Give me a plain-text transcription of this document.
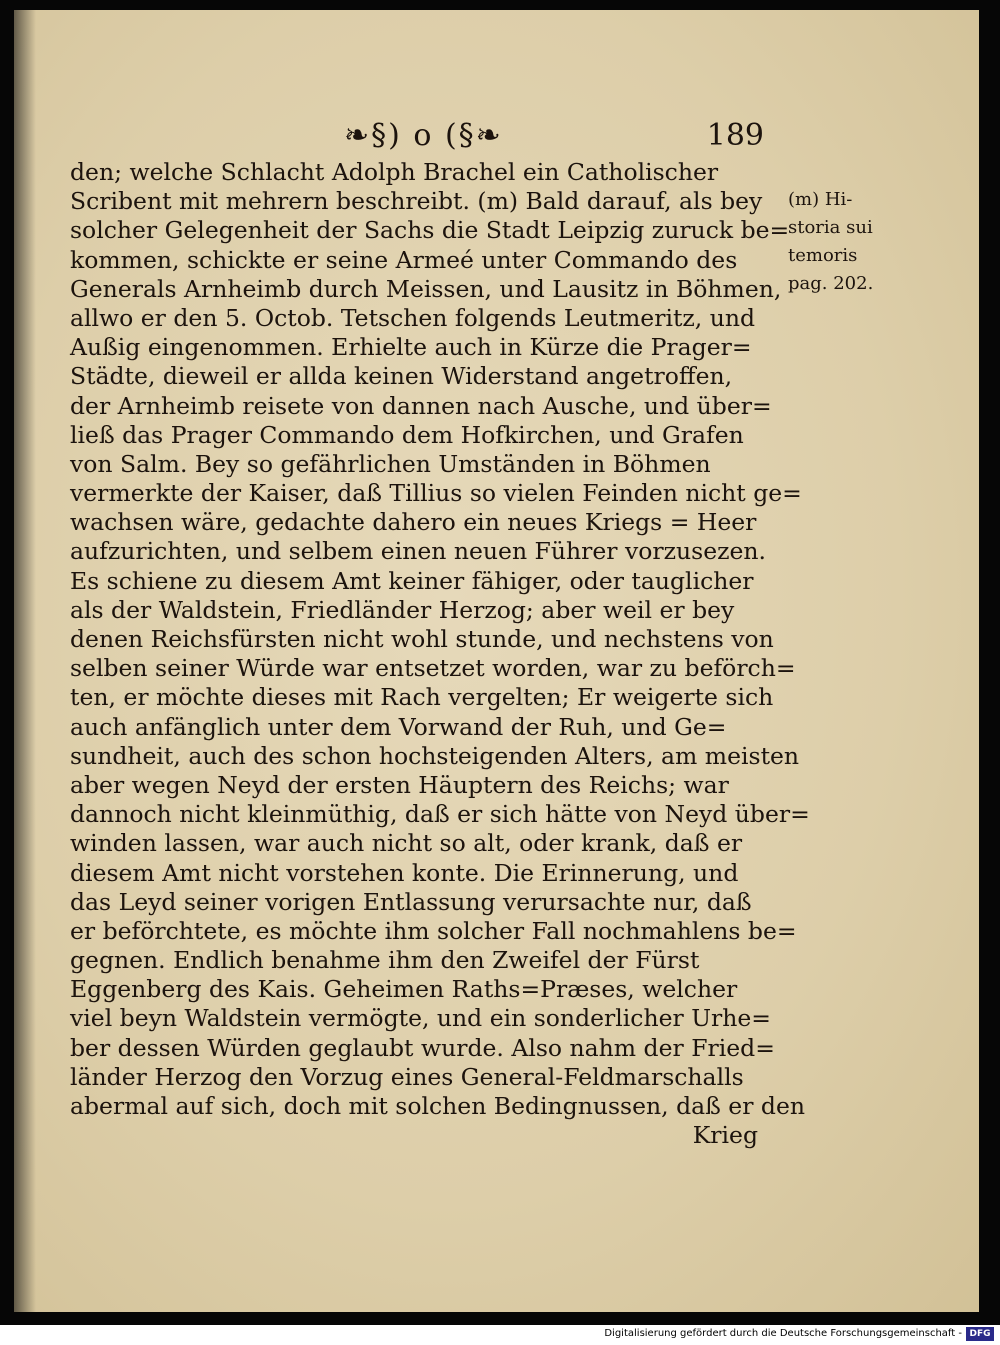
❧§) o (§❧	189
den; welche Schlacht Adolph Brachel ein Catholischer
Scribent mit mehrern beschreibt. (m) Bald darauf, als bey
solcher Gelegenheit der Sachs die Stadt Leipzig zuruck be=
kommen, schickte er seine Armeé unter Commando des
Generals Arnheimb durch Meissen, und Lausitz in Böhmen,
allwo er den 5. Octob. Tetschen folgends Leutmeritz, und
Außig eingenommen. Erhielte auch in Kürze die Prager=
Städte, dieweil er allda keinen Widerstand angetroffen,
der Arnheimb reisete von dannen nach Ausche, und über=
ließ das Prager Commando dem Hofkirchen, und Grafen
von Salm. Bey so gefährlichen Umständen in Böhmen
vermerkte der Kaiser, daß Tillius so vielen Feinden nicht ge=
wachsen wäre, gedachte dahero ein neues Kriegs = Heer
aufzurichten, und selbem einen neuen Führer vorzusezen.
Es schiene zu diesem Amt keiner fähiger, oder tauglicher
als der Waldstein, Friedländer Herzog; aber weil er bey
denen Reichsfürsten nicht wohl stunde, und nechstens von
selben seiner Würde war entsetzet worden, war zu beförch=
ten, er möchte dieses mit Rach vergelten; Er weigerte sich
auch anfänglich unter dem Vorwand der Ruh, und Ge=
sundheit, auch des schon hochsteigenden Alters, am meisten
aber wegen Neyd der ersten Häuptern des Reichs; war
dannoch nicht kleinmüthig, daß er sich hätte von Neyd über=
winden lassen, war auch nicht so alt, oder krank, daß er
diesem Amt nicht vorstehen konte. Die Erinnerung, und
das Leyd seiner vorigen Entlassung verursachte nur, daß
er beförchtete, es möchte ihm solcher Fall nochmahlens be=
gegnen. Endlich benahme ihm den Zweifel der Fürst
Eggenberg des Kais. Geheimen Raths=Præses, welcher
viel beyn Waldstein vermögte, und ein sonderlicher Urhe=
ber dessen Würden geglaubt wurde. Also nahm der Fried=
länder Herzog den Vorzug eines General-Feldmarschalls
abermal auf sich, doch mit solchen Bedingnussen, daß er den
Krieg
(m) Hi-
storia sui
temoris
pag. 202.
Digitalisierung gefördert durch die Deutsche Forschungsgemeinschaft - DFG
